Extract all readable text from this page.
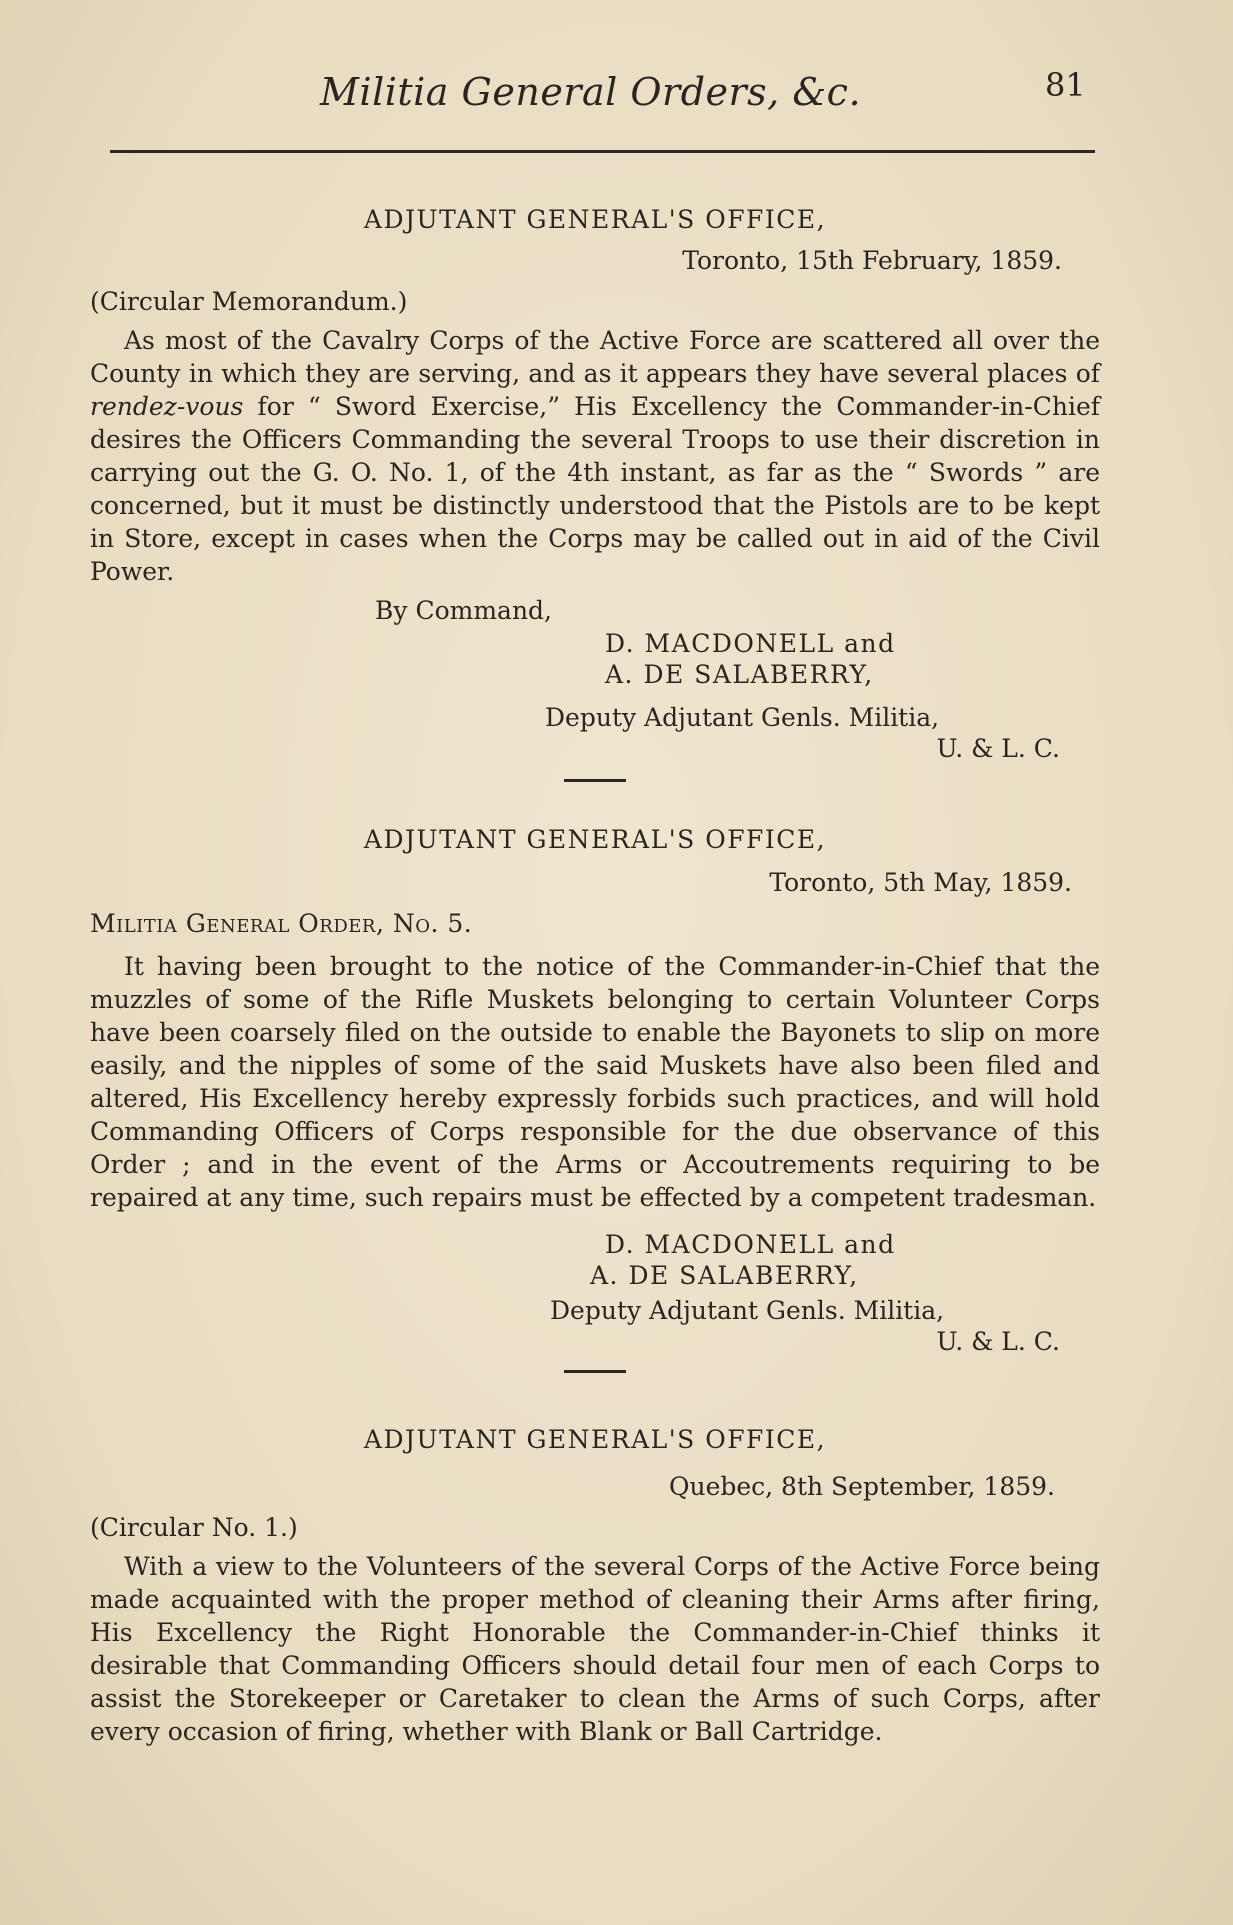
Militia General Orders, &c.	81

ADJUTANT GENERAL'S OFFICE,

Toronto, 15th February, 1859.

(Circular Memorandum.)

As most of the Cavalry Corps of the Active Force are scattered all over the County in which they are serving, and as it appears they have several places of rendez-vous for “ Sword Exercise,” His Excellency the Commander-in-Chief desires the Officers Commanding the several Troops to use their discretion in carrying out the G. O. No. 1, of the 4th instant, as far as the “ Swords ” are concerned, but it must be distinctly understood that the Pistols are to be kept in Store, except in cases when the Corps may be called out in aid of the Civil Power.

By Command,

D. MACDONELL and

A. DE SALABERRY,

Deputy Adjutant Genls. Militia,

U. & L. C.

ADJUTANT GENERAL'S OFFICE,

Toronto, 5th May, 1859.

Militia General Order, No. 5.

It having been brought to the notice of the Commander-in-Chief that the muzzles of some of the Rifle Muskets belonging to certain Volunteer Corps have been coarsely filed on the outside to enable the Bayonets to slip on more easily, and the nipples of some of the said Muskets have also been filed and altered, His Excellency hereby expressly forbids such practices, and will hold Commanding Officers of Corps responsible for the due observance of this Order ; and in the event of the Arms or Accoutrements requiring to be repaired at any time, such repairs must be effected by a competent tradesman.

D. MACDONELL and

A. DE SALABERRY,

Deputy Adjutant Genls. Militia,

U. & L. C.

ADJUTANT GENERAL'S OFFICE,

Quebec, 8th September, 1859.

(Circular No. 1.)

With a view to the Volunteers of the several Corps of the Active Force being made acquainted with the proper method of cleaning their Arms after firing, His Excellency the Right Honorable the Commander-in-Chief thinks it desirable that Commanding Officers should detail four men of each Corps to assist the Storekeeper or Caretaker to clean the Arms of such Corps, after every occasion of firing, whether with Blank or Ball Cartridge.
